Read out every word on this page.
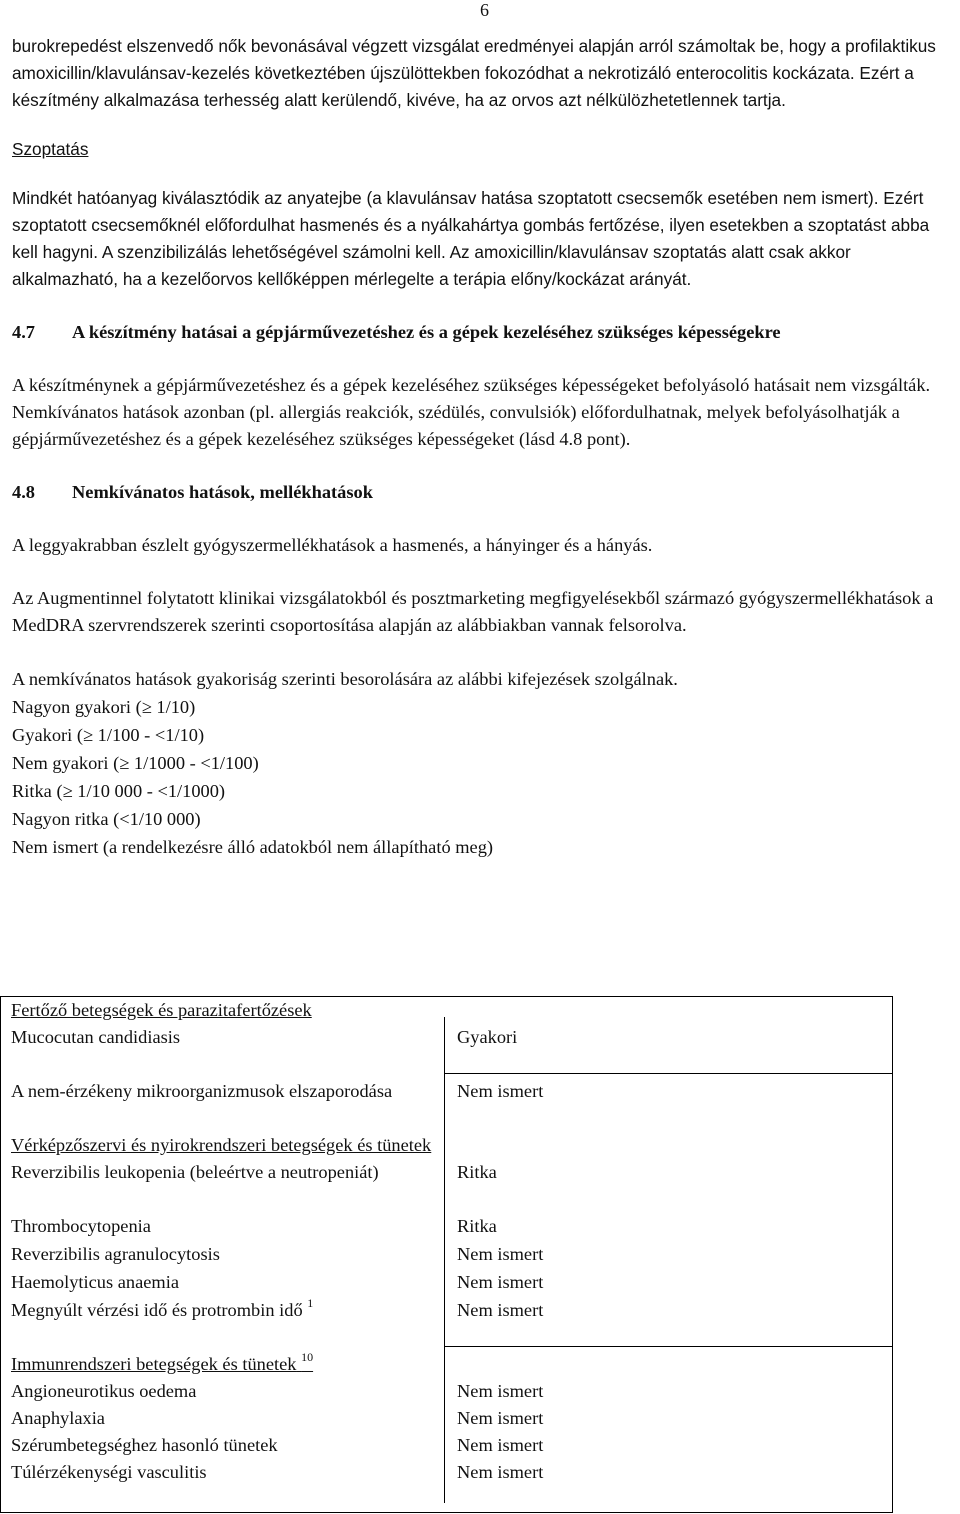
6

burokrepedést elszenvedő nők bevonásával végzett vizsgálat eredményei alapján arról számoltak be, hogy a profilaktikus amoxicillin/klavulánsav-kezelés következtében újszülöttekben fokozódhat a nekrotizáló enterocolitis kockázata. Ezért a készítmény alkalmazása terhesség alatt kerülendő, kivéve, ha az orvos azt nélkülözhetetlennek tartja.

Szoptatás

Mindkét hatóanyag kiválasztódik az anyatejbe (a klavulánsav hatása szoptatott csecsemők esetében nem ismert). Ezért szoptatott csecsemőknél előfordulhat hasmenés és a nyálkahártya gombás fertőzése, ilyen esetekben a szoptatást abba kell hagyni. A szenzibilizálás lehetőségével számolni kell. Az amoxicillin/klavulánsav szoptatás alatt csak akkor alkalmazható, ha a kezelőorvos kellőképpen mérlegelte a terápia előny/kockázat arányát.

4.7	A készítmény hatásai a gépjárművezetéshez és a gépek kezeléséhez szükséges képességekre

A készítménynek a gépjárművezetéshez és a gépek kezeléséhez szükséges képességeket befolyásoló hatásait nem vizsgálták. Nemkívánatos hatások azonban (pl. allergiás reakciók, szédülés, convulsiók) előfordulhatnak, melyek befolyásolhatják a gépjárművezetéshez és a gépek kezeléséhez szükséges képességeket (lásd 4.8 pont).

4.8	Nemkívánatos hatások, mellékhatások

A leggyakrabban észlelt gyógyszermellékhatások a hasmenés, a hányinger és a hányás.

Az Augmentinnel folytatott klinikai vizsgálatokból és posztmarketing megfigyelésekből származó gyógyszermellékhatások a MedDRA szervrendszerek szerinti csoportosítása alapján az alábbiakban vannak felsorolva.

A nemkívánatos hatások gyakoriság szerinti besorolására az alábbi kifejezések szolgálnak.

Nagyon gyakori (≥ 1/10)

Gyakori (≥ 1/100 - <1/10)

Nem gyakori (≥ 1/1000 - <1/100)

Ritka (≥ 1/10 000 - <1/1000)

Nagyon ritka (<1/10 000)

Nem ismert (a rendelkezésre álló adatokból nem állapítható meg)

Fertőző betegségek és parazitafertőzések
Mucocutan candidiasis	Gyakori
A nem-érzékeny mikroorganizmusok elszaporodása	Nem ismert
Vérképzőszervi és nyirokrendszeri betegségek és tünetek
Reverzibilis leukopenia (beleértve a neutropeniát)	Ritka
Thrombocytopenia	Ritka
Reverzibilis agranulocytosis	Nem ismert
Haemolyticus anaemia	Nem ismert
Megnyúlt vérzési idő és protrombin idő $^1$	Nem ismert
Immunrendszeri betegségek és tünetek $^{10}$
Angioneurotikus oedema	Nem ismert
Anaphylaxia	Nem ismert
Szérumbetegséghez hasonló tünetek	Nem ismert
Túlérzékenységi vasculitis	Nem ismert
